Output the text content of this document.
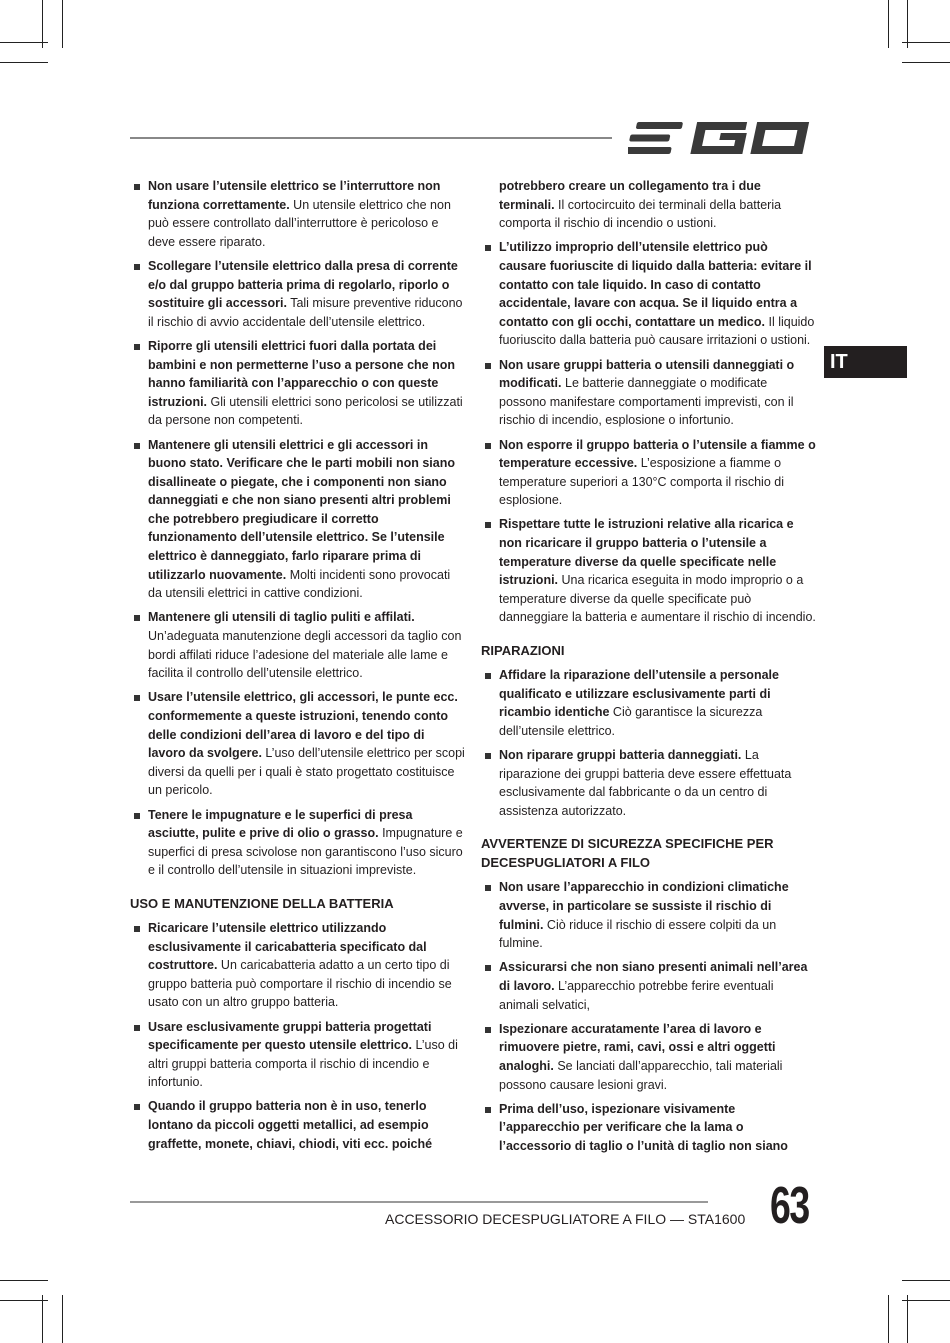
IT
Non usare l’utensile elettrico se l’interruttore non funziona correttamente. Un utensile elettrico che non può essere controllato dall’interruttore è pericoloso e deve essere riparato.
Scollegare l’utensile elettrico dalla presa di corrente e/o dal gruppo batteria prima di regolarlo, riporlo o sostituire gli accessori. Tali misure preventive riducono il rischio di avvio accidentale dell’utensile elettrico.
Riporre gli utensili elettrici fuori dalla portata dei bambini e non permetterne l’uso a persone che non hanno familiarità con l’apparecchio o con queste istruzioni. Gli utensili elettrici sono pericolosi se utilizzati da persone non competenti.
Mantenere gli utensili elettrici e gli accessori in buono stato. Verificare che le parti mobili non siano disallineate o piegate, che i componenti non siano danneggiati e che non siano presenti altri problemi che potrebbero pregiudicare il corretto funzionamento dell’utensile elettrico. Se l’utensile elettrico è danneggiato, farlo riparare prima di utilizzarlo nuovamente. Molti incidenti sono provocati da utensili elettrici in cattive condizioni.
Mantenere gli utensili di taglio puliti e affilati. Un’adeguata manutenzione degli accessori da taglio con bordi affilati riduce l’adesione del materiale alle lame e facilita il controllo dell’utensile elettrico.
Usare l’utensile elettrico, gli accessori, le punte ecc. conformemente a queste istruzioni, tenendo conto delle condizioni dell’area di lavoro e del tipo di lavoro da svolgere. L’uso dell’utensile elettrico per scopi diversi da quelli per i quali è stato progettato costituisce un pericolo.
Tenere le impugnature e le superfici di presa asciutte, pulite e prive di olio o grasso. Impugnature e superfici di presa scivolose non garantiscono l’uso sicuro e il controllo dell’utensile in situazioni impreviste.
USO E MANUTENZIONE DELLA BATTERIA
Ricaricare l’utensile elettrico utilizzando esclusivamente il caricabatteria specificato dal costruttore. Un caricabatteria adatto a un certo tipo di gruppo batteria può comportare il rischio di incendio se usato con un altro gruppo batteria.
Usare esclusivamente gruppi batteria progettati specificamente per questo utensile elettrico. L’uso di altri gruppi batteria comporta il rischio di incendio e infortunio.
Quando il gruppo batteria non è in uso, tenerlo lontano da piccoli oggetti metallici, ad esempio graffette, monete, chiavi, chiodi, viti ecc. poiché
potrebbero creare un collegamento tra i due terminali. Il cortocircuito dei terminali della batteria comporta il rischio di incendio o ustioni.
L’utilizzo improprio dell’utensile elettrico può causare fuoriuscite di liquido dalla batteria: evitare il contatto con tale liquido. In caso di contatto accidentale, lavare con acqua. Se il liquido entra a contatto con gli occhi, contattare un medico. Il liquido fuoriuscito dalla batteria può causare irritazioni o ustioni.
Non usare gruppi batteria o utensili danneggiati o modificati. Le batterie danneggiate o modificate possono manifestare comportamenti imprevisti, con il rischio di incendio, esplosione o infortunio.
Non esporre il gruppo batteria o l’utensile a fiamme o temperature eccessive. L’esposizione a fiamme o temperature superiori a 130°C comporta il rischio di esplosione.
Rispettare tutte le istruzioni relative alla ricarica e non ricaricare il gruppo batteria o l’utensile a temperature diverse da quelle specificate nelle istruzioni. Una ricarica eseguita in modo improprio o a temperature diverse da quelle specificate può danneggiare la batteria e aumentare il rischio di incendio.
RIPARAZIONI
Affidare la riparazione dell’utensile a personale qualificato e utilizzare esclusivamente parti di ricambio identiche Ciò garantisce la sicurezza dell’utensile elettrico.
Non riparare gruppi batteria danneggiati. La riparazione dei gruppi batteria deve essere effettuata esclusivamente dal fabbricante o da un centro di assistenza autorizzato.
AVVERTENZE DI SICUREZZA SPECIFICHE PER DECESPUGLIATORI A FILO
Non usare l’apparecchio in condizioni climatiche avverse, in particolare se sussiste il rischio di fulmini. Ciò riduce il rischio di essere colpiti da un fulmine.
Assicurarsi che non siano presenti animali nell’area di lavoro. L’apparecchio potrebbe ferire eventuali animali selvatici,
Ispezionare accuratamente l’area di lavoro e rimuovere pietre, rami, cavi, ossi e altri oggetti analoghi. Se lanciati dall’apparecchio, tali materiali possono causare lesioni gravi.
Prima dell’uso, ispezionare visivamente l’apparecchio per verificare che la lama o l’accessorio di taglio o l’unità di taglio non siano
ACCESSORIO DECESPUGLIATORE A FILO — STA1600 63
